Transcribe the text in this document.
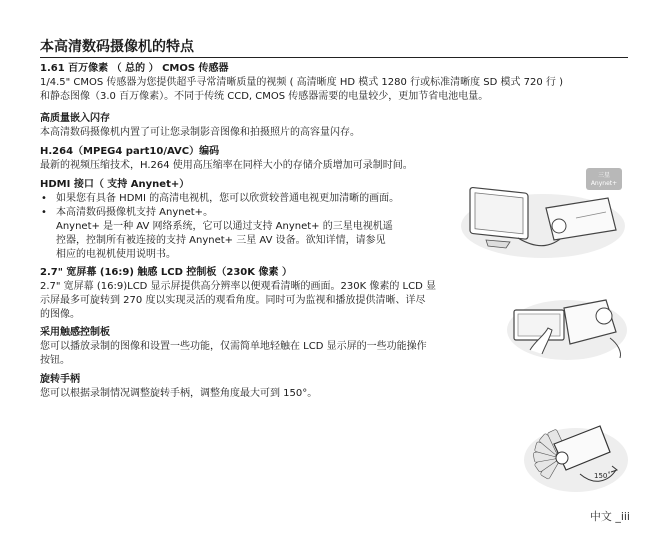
本高清数码摄像机的特点
1.61 百万像素 （ 总的 ） CMOS 传感器

1/4.5" CMOS 传感器为您提供超乎寻常清晰质量的视频 ( 高清晰度 HD 模式 1280 行或标准清晰度 SD 模式 720 行 )

和静态图像（3.0 百万像素）。不同于传统 CCD, CMOS 传感器需要的电量较少，更加节省电池电量。

高质量嵌入闪存

本高清数码摄像机内置了可让您录制影音图像和拍摄照片的高容量闪存。

H.264（MPEG4 part10/AVC）编码

最新的视频压缩技术，H.264 使用高压缩率在同样大小的存储介质增加可录制时间。

HDMI 接口（ 支持 Anynet+）
• 如果您有具备 HDMI 的高清电视机，您可以欣赏较普通电视更加清晰的画面。
• 本高清数码摄像机支持 Anynet+。

Anynet+ 是一种 AV 网络系统，它可以通过支持 Anynet+ 的三星电视机遥

控器，控制所有被连接的支持 Anynet+ 三星 AV 设备。欲知详情，请参见

相应的电视机使用说明书。

2.7" 宽屏幕 (16:9) 触感 LCD 控制板（230K 像素 ）

2.7" 宽屏幕 (16:9)LCD 显示屏提供高分辨率以便观看清晰的画面。230K 像素的 LCD 显

示屏最多可旋转到 270 度以实现灵活的观看角度。同时可为监视和播放提供清晰、详尽

的图像。

采用触感控制板

您可以播放录制的图像和设置一些功能，仅需简单地轻触在 LCD 显示屏的一些功能操作

按钮。

旋转手柄

您可以根据录制情况调整旋转手柄，调整角度最大可到 150°。

三星
Anynet+
150˚
中文 _iii
